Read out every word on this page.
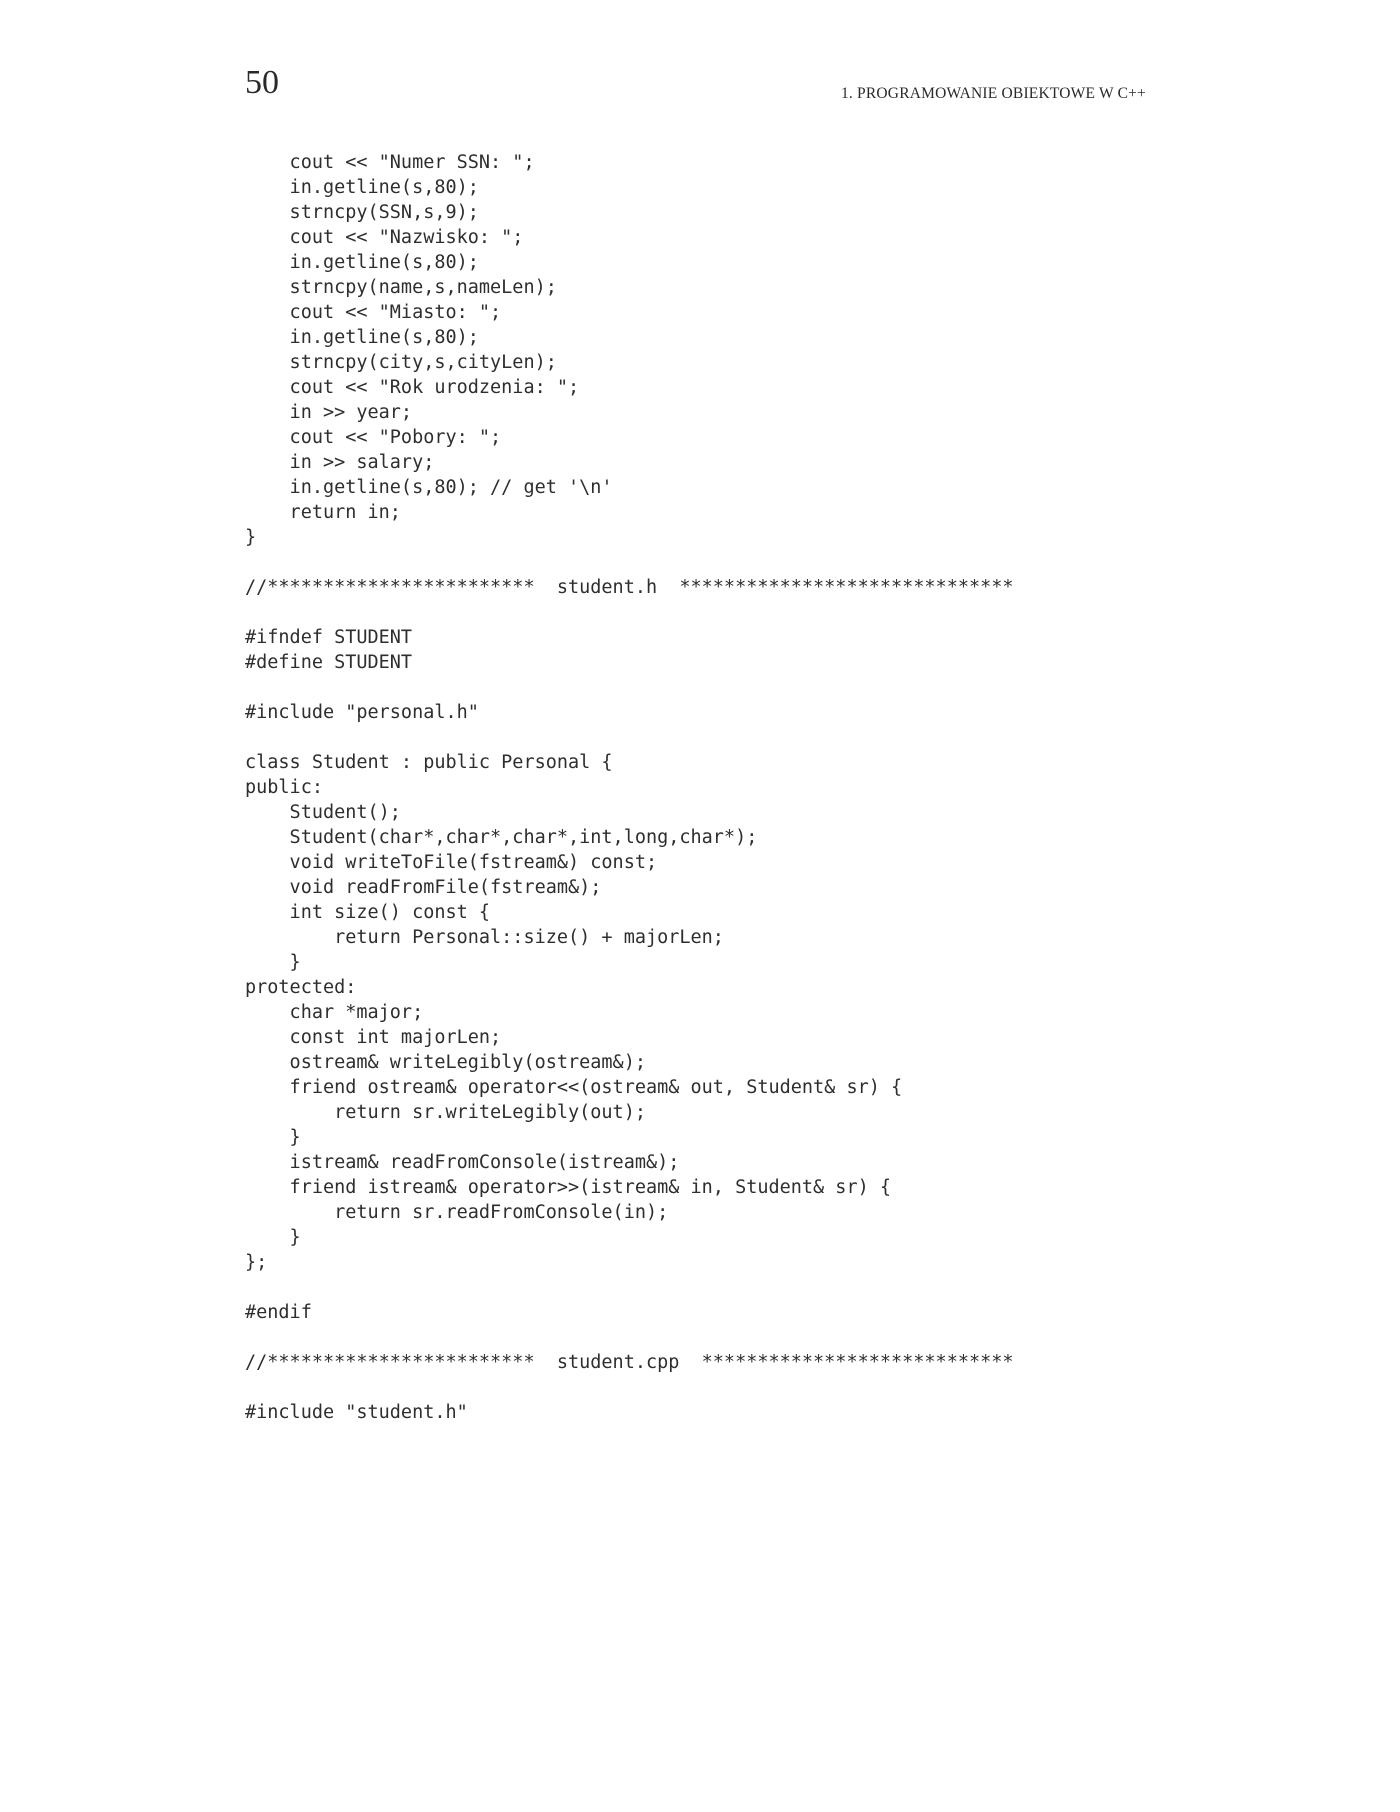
50	1. PROGRAMOWANIE OBIEKTOWE W C++
cout << "Numer SSN: ";
in.getline(s,80);
strncpy(SSN,s,9);
cout << "Nazwisko: ";
in.getline(s,80);
strncpy(name,s,nameLen);
cout << "Miasto: ";
in.getline(s,80);
strncpy(city,s,cityLen);
cout << "Rok urodzenia: ";
in >> year;
cout << "Pobory: ";
in >> salary;
in.getline(s,80); // get '\n'
return in;
}
//************************  student.h  ******************************
#ifndef STUDENT
#define STUDENT
#include "personal.h"
class Student : public Personal {
public:
Student();
Student(char*,char*,char*,int,long,char*);
void writeToFile(fstream&) const;
void readFromFile(fstream&);
int size() const {
return Personal::size() + majorLen;
}
protected:
char *major;
const int majorLen;
ostream& writeLegibly(ostream&);
friend ostream& operator<<(ostream& out, Student& sr) {
return sr.writeLegibly(out);
}
istream& readFromConsole(istream&);
friend istream& operator>>(istream& in, Student& sr) {
return sr.readFromConsole(in);
}
};
#endif
//************************  student.cpp  ****************************
#include "student.h"
